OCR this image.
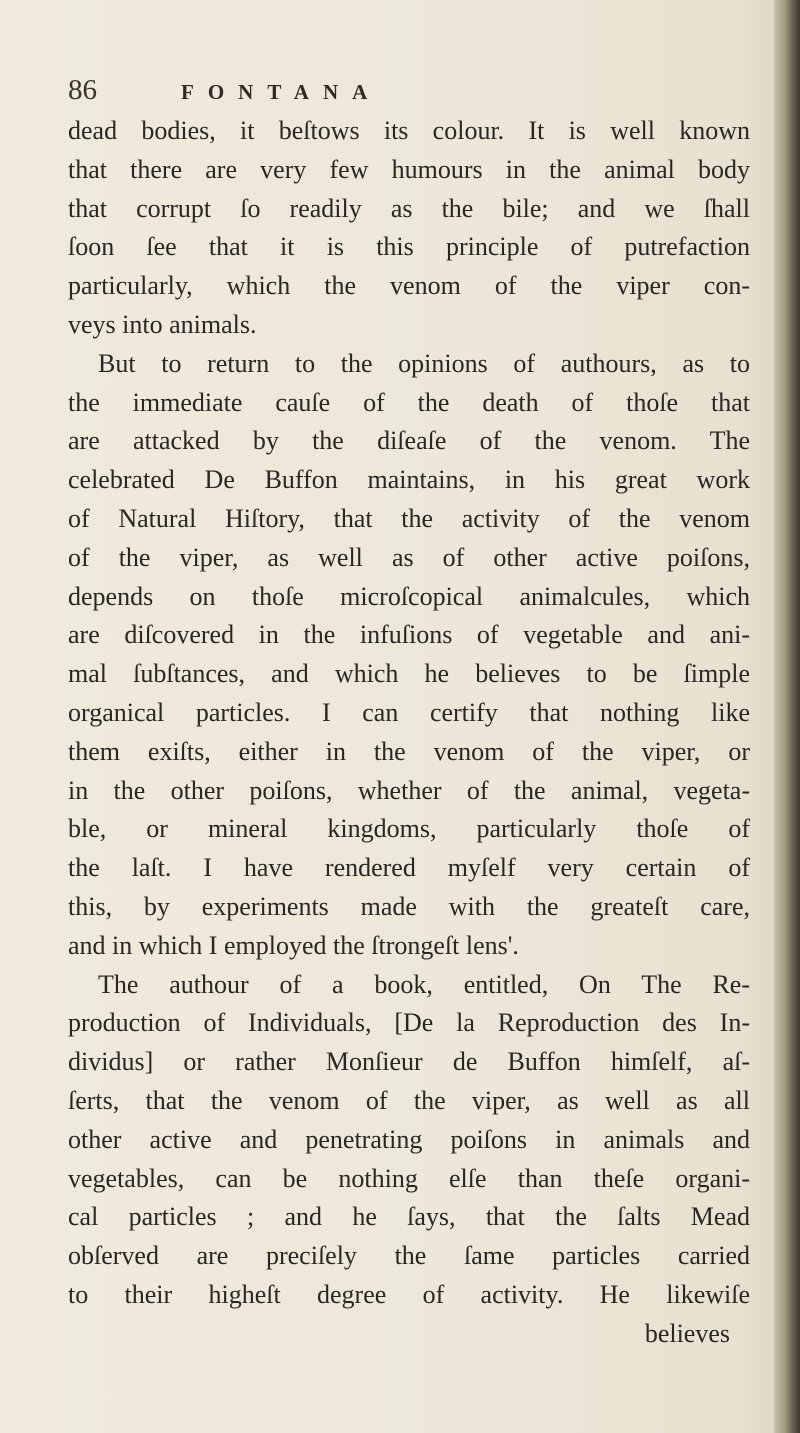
86	FONTANA
dead bodies, it beſtows its colour. It is well known
that there are very few humours in the animal body
that corrupt ſo readily as the bile; and we ſhall
ſoon ſee that it is this principle of putrefaction
particularly, which the venom of the viper con-
veys into animals.
But to return to the opinions of authours, as to
the immediate cauſe of the death of thoſe that
are attacked by the diſeaſe of the venom. The
celebrated De Buffon maintains, in his great work
of Natural Hiſtory, that the activity of the venom
of the viper, as well as of other active poiſons,
depends on thoſe microſcopical animalcules, which
are diſcovered in the infuſions of vegetable and ani-
mal ſubſtances, and which he believes to be ſimple
organical particles. I can certify that nothing like
them exiſts, either in the venom of the viper, or
in the other poiſons, whether of the animal, vegeta-
ble, or mineral kingdoms, particularly thoſe of
the laſt. I have rendered myſelf very certain of
this, by experiments made with the greateſt care,
and in which I employed the ſtrongeſt lens'.
The authour of a book, entitled, On The Re-
production of Individuals, [De la Reproduction des In-
dividus] or rather Monſieur de Buffon himſelf, aſ-
ſerts, that the venom of the viper, as well as all
other active and penetrating poiſons in animals and
vegetables, can be nothing elſe than theſe organi-
cal particles ; and he ſays, that the ſalts Mead
obſerved are preciſely the ſame particles carried
to their higheſt degree of activity. He likewiſe
believes
